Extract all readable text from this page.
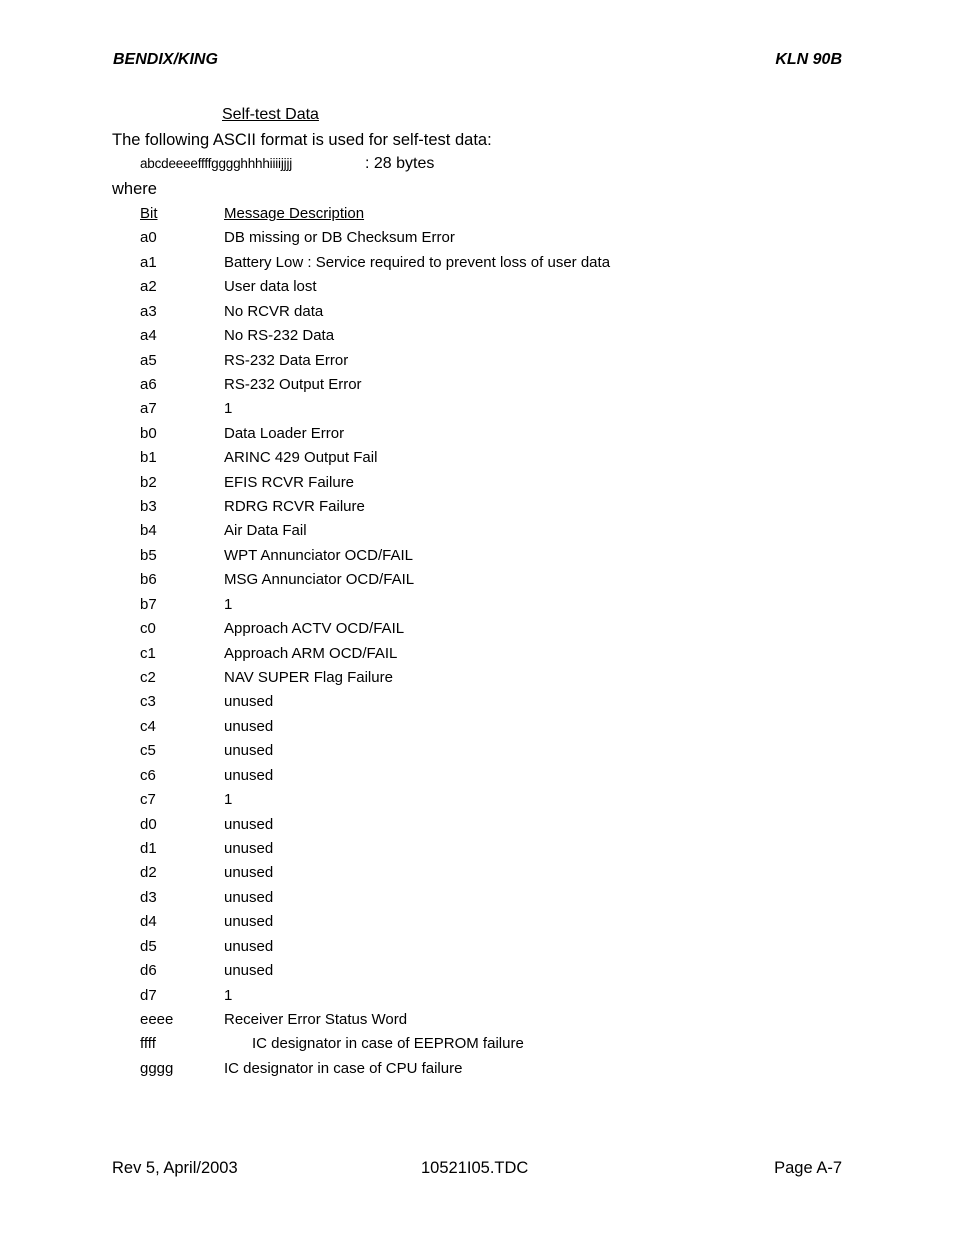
BENDIX/KING	KLN 90B
Self-test Data
The following ASCII format is used for self-test data:
abcdeeeeffffgggghhhhiiiijjjj	: 28 bytes
where
Bit	Message Description
a0	DB missing or DB Checksum Error
a1	Battery Low : Service required to prevent loss of user data
a2	User data lost
a3	No RCVR data
a4	No RS-232 Data
a5	RS-232 Data Error
a6	RS-232 Output Error
a7	1
b0	Data Loader Error
b1	ARINC 429 Output Fail
b2	EFIS RCVR Failure
b3	RDRG RCVR Failure
b4	Air Data Fail
b5	WPT Annunciator OCD/FAIL
b6	MSG Annunciator OCD/FAIL
b7	1
c0	Approach ACTV OCD/FAIL
c1	Approach ARM OCD/FAIL
c2	NAV SUPER Flag Failure
c3	unused
c4	unused
c5	unused
c6	unused
c7	1
d0	unused
d1	unused
d2	unused
d3	unused
d4	unused
d5	unused
d6	unused
d7	1
eeee	Receiver Error Status Word
ffff	IC designator in case of EEPROM failure
gggg	IC designator in case of CPU failure
Rev 5, April/2003	10521I05.TDC	Page A-7
